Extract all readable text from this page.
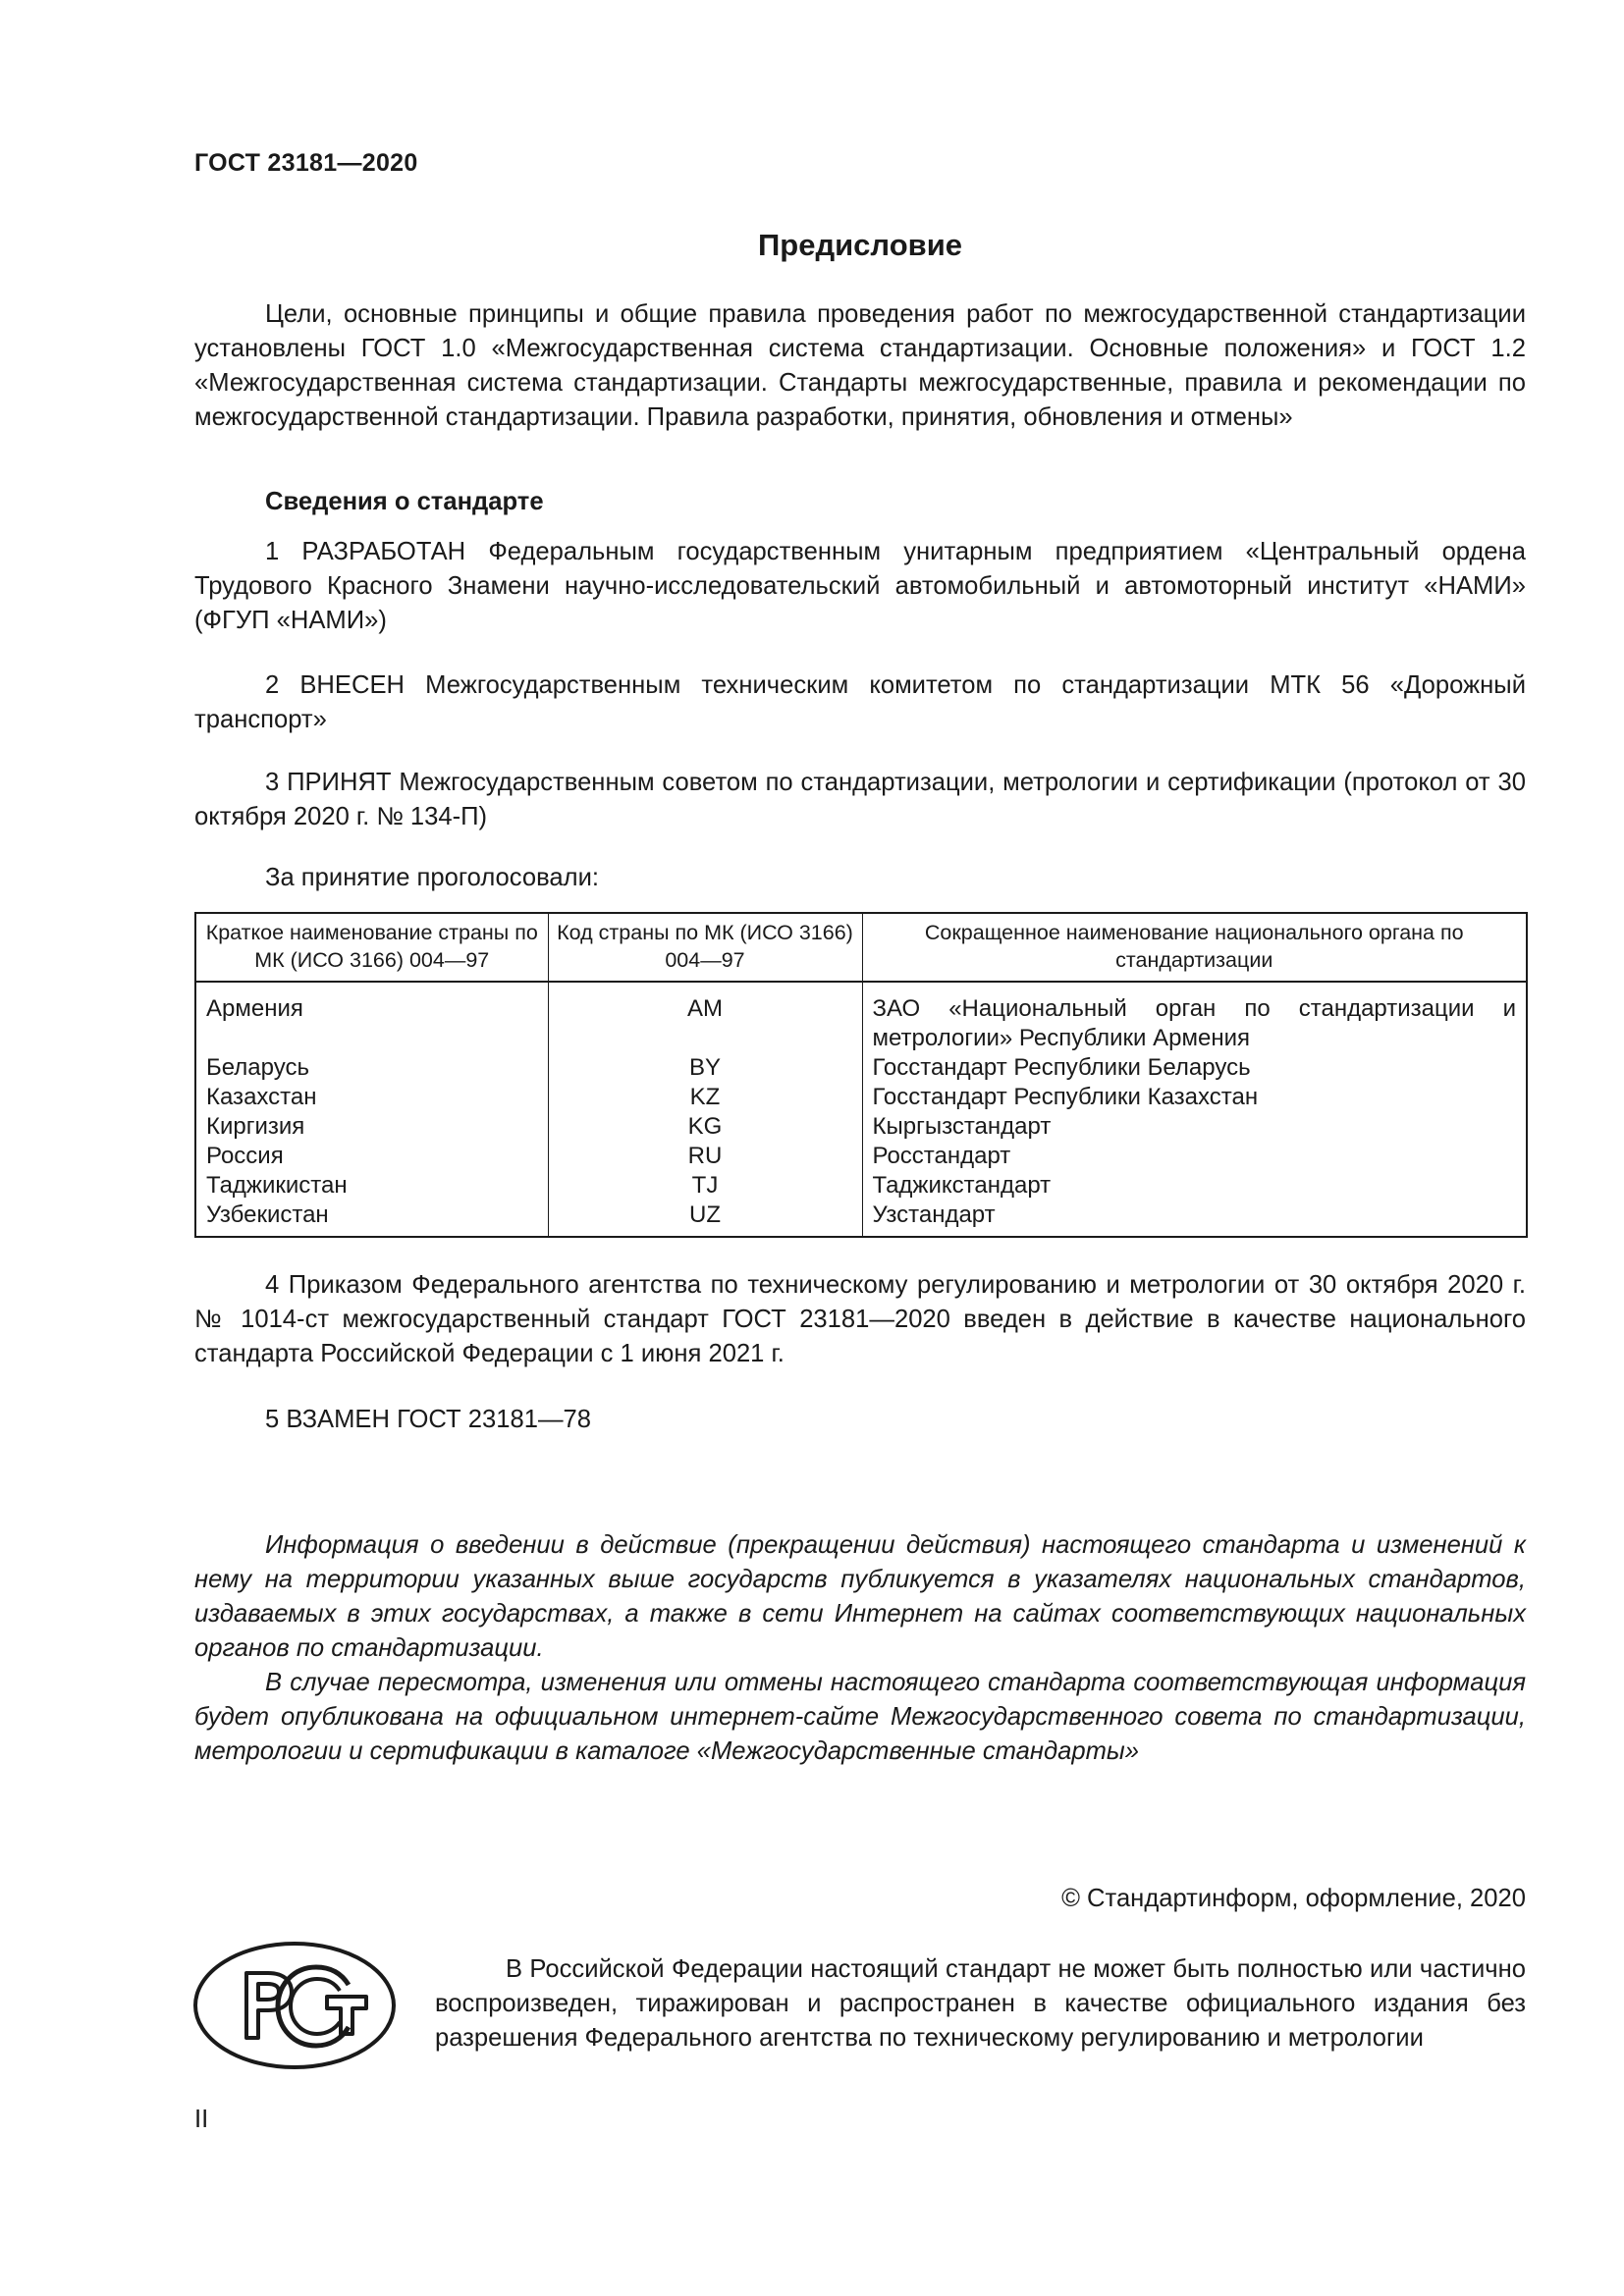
ГОСТ 23181—2020
Предисловие

Цели, основные принципы и общие правила проведения работ по межгосударственной стандартизации установлены ГОСТ 1.0 «Межгосударственная система стандартизации. Основные положения» и ГОСТ 1.2 «Межгосударственная система стандартизации. Стандарты межгосударственные, правила и рекомендации по межгосударственной стандартизации. Правила разработки, принятия, обновления и отмены»

Сведения о стандарте

1 РАЗРАБОТАН Федеральным государственным унитарным предприятием «Центральный ордена Трудового Красного Знамени научно-исследовательский автомобильный и автомоторный институт «НАМИ» (ФГУП «НАМИ»)

2 ВНЕСЕН Межгосударственным техническим комитетом по стандартизации МТК 56 «Дорожный транспорт»

3 ПРИНЯТ Межгосударственным советом по стандартизации, метрологии и сертификации (протокол от 30 октября 2020 г. № 134-П)

За принятие проголосовали:
Краткое наименование страны по МК (ИСО 3166) 004—97	Код страны по МК (ИСО 3166) 004—97	Сокращенное наименование национального органа по стандартизации
Армения	AM	ЗАО «Национальный орган по стандартизации и метрологии» Республики Армения
Беларусь	BY	Госстандарт Республики Беларусь
Казахстан	KZ	Госстандарт Республики Казахстан
Киргизия	KG	Кыргызстандарт
Россия	RU	Росстандарт
Таджикистан	TJ	Таджикстандарт
Узбекистан	UZ	Узстандарт

4 Приказом Федерального агентства по техническому регулированию и метрологии от 30 октября 2020 г. № 1014-ст межгосударственный стандарт ГОСТ 23181—2020 введен в действие в качестве национального стандарта Российской Федерации с 1 июня 2021 г.

5 ВЗАМЕН ГОСТ 23181—78

Информация о введении в действие (прекращении действия) настоящего стандарта и изменений к нему на территории указанных выше государств публикуется в указателях национальных стандартов, издаваемых в этих государствах, а также в сети Интернет на сайтах соответствующих национальных органов по стандартизации.

В случае пересмотра, изменения или отмены настоящего стандарта соответствующая информация будет опубликована на официальном интернет-сайте Межгосударственного совета по стандартизации, метрологии и сертификации в каталоге «Межгосударственные стандарты»

© Стандартинформ, оформление, 2020

В Российской Федерации настоящий стандарт не может быть полностью или частично воспроизведен, тиражирован и распространен в качестве официального издания без разрешения Федерального агентства по техническому регулированию и метрологии

II
